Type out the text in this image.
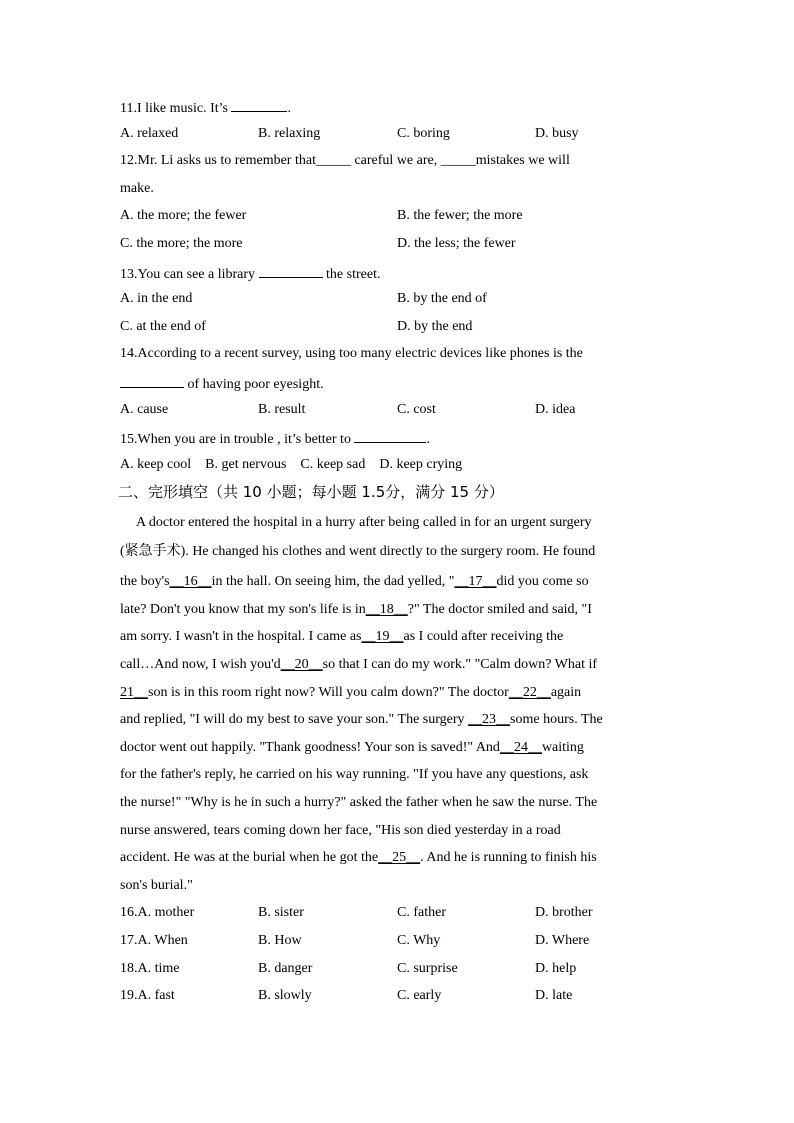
11.I like music. It’s	.
A. relaxed	B. relaxing	C. boring	D. busy
12.Mr. Li asks us to remember that_____ careful we are, _____mistakes we will
make.
A. the more; the fewer	B. the fewer; the more
C. the more; the more	D. the less; the fewer
13.You can see a library	the street.
A. in the end	B. by the end of
C. at the end of	D. by the end
14.According to a recent survey, using too many electric devices like phones is the
of having poor eyesight.
A. cause	B. result	C. cost	D. idea
15.When you are in trouble , it’s better to	.
A. keep cool    B. get nervous    C. keep sad    D. keep crying
二、完形填空（共 10 小题；每小题 1.5分，满分 15 分）
A doctor entered the hospital in a hurry after being called in for an urgent surgery
(紧急手术). He changed his clothes and went directly to the surgery room. He found
the boy's__16__in the hall. On seeing him, the dad yelled, "__17__did you come so
late? Don't you know that my son's life is in__18__?" The doctor smiled and said, "I
am sorry. I wasn't in the hospital. I came as__19__as I could after receiving the
call…And now, I wish you'd__20__so that I can do my work." "Calm down? What if
21__son is in this room right now? Will you calm down?" The doctor__22__again
and replied, "I will do my best to save your son." The surgery __23__some hours. The
doctor went out happily. "Thank goodness! Your son is saved!" And__24__waiting
for the father's reply, he carried on his way running. "If you have any questions, ask
the nurse!" "Why is he in such a hurry?" asked the father when he saw the nurse. The
nurse answered, tears coming down her face, "His son died yesterday in a road
accident. He was at the burial when he got the__25__. And he is running to finish his
son's burial."
16.A. mother	B. sister	C. father	D. brother
17.A. When	B. How	C. Why	D. Where
18.A. time	B. danger	C. surprise	D. help
19.A. fast	B. slowly	C. early	D. late
